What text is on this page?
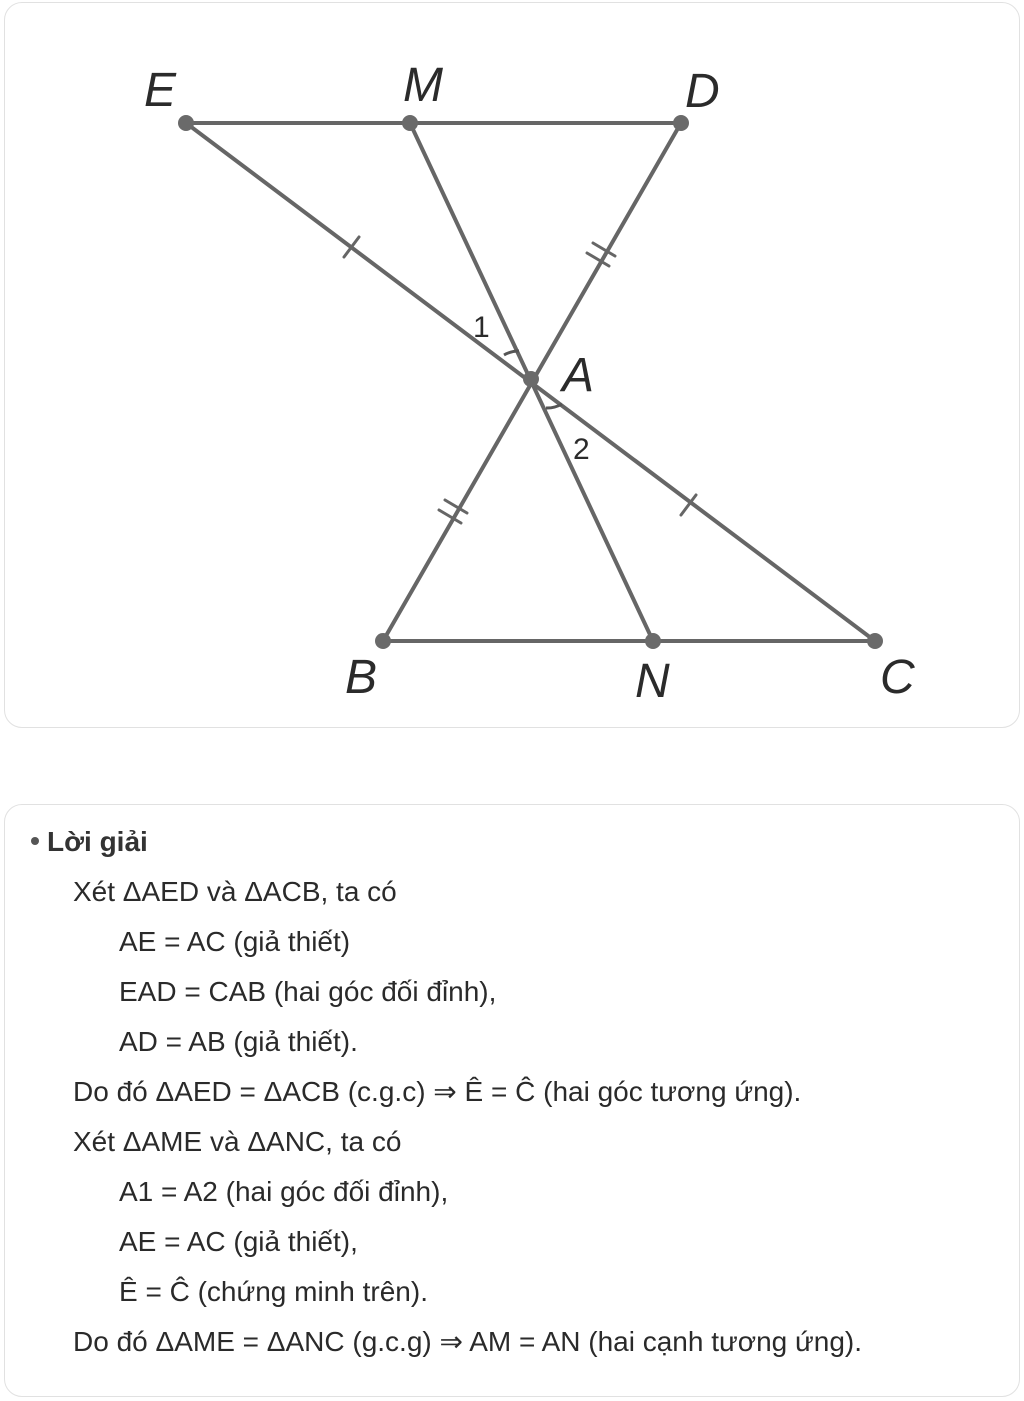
E	M	D
A
B	N	C
1
2
Lời giải
Xét ΔAED và ΔACB, ta có
AE = AC (giả thiết)
EAD = CAB (hai góc đối đỉnh),
AD = AB (giả thiết).
Do đó ΔAED = ΔACB (c.g.c) ⇒ Ê = Ĉ (hai góc tương ứng).
Xét ΔAME và ΔANC, ta có
A1 = A2 (hai góc đối đỉnh),
AE = AC (giả thiết),
Ê = Ĉ (chứng minh trên).
Do đó ΔAME = ΔANC (g.c.g) ⇒ AM = AN (hai cạnh tương ứng).
